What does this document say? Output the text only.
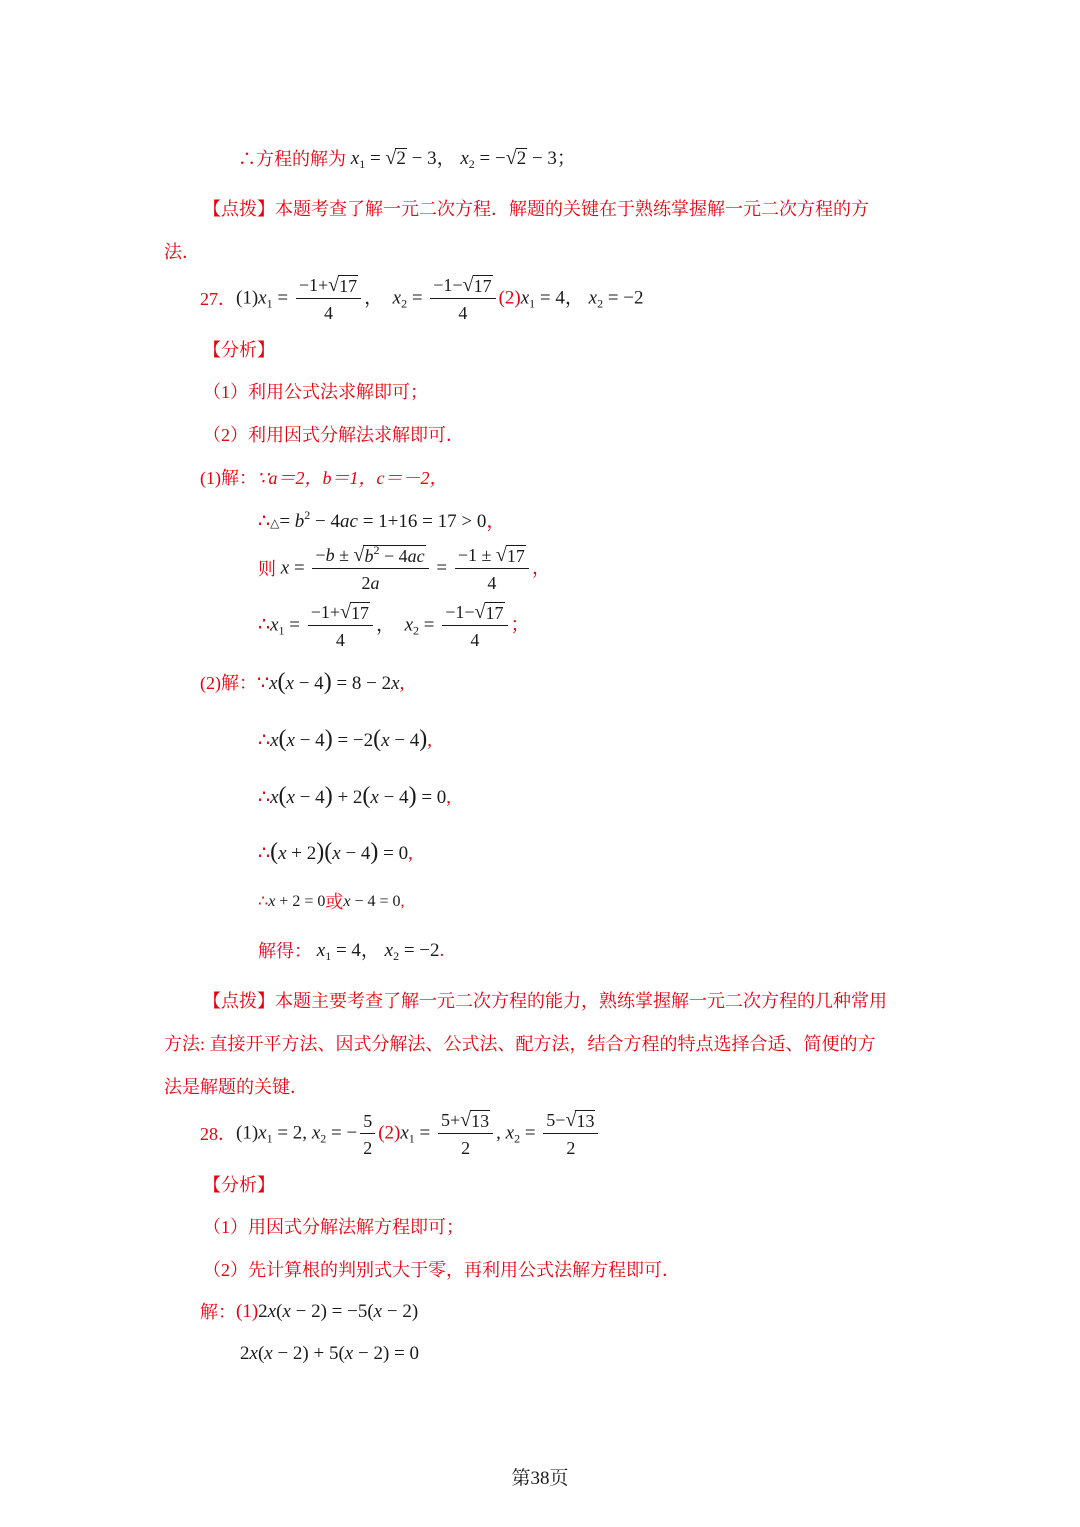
∴方程的解为 $x_1$ = √ 2 − 3， $x_2$ = − √ 2 − 3；
【点拨】 本题考查了解一元二次方程．解题的关键在于熟练掌握解一元二次方程的方
法．
27． $(1)x_1 = \frac{-1+ √ 17}{4}$ ，  $x_2 = \frac{-1- √ 17}{4} (2)x_1 = 4$， $x_2 = -2$
【分析】
（1）利用公式法求解即可；
（2）利用因式分解法求解即可．
(1)解： ∵a＝2，b＝1，c＝－2，
∴△= $b^2 - 4ac = 1+16 = 17 > 0$，
则 $x = \frac{-b \pm √ b^2 - 4ac}{2a} = \frac{-1 \pm √ 17}{4}$ ，
$\therefore x_1 = \frac{-1+ √ 17}{4}$ ，  $x_2 = \frac{-1- √ 17}{4}$ ；
(2)解： ∵x(x − 4) = 8 − 2x,
∴x(x − 4) = −2(x − 4),
∴x(x − 4) + 2(x − 4) = 0,
∴(x + 2)(x − 4) = 0,
∴x + 2 = 0 或 x − 4 = 0,
解得： $x_1 = 4$， $x_2 = -2$.
【点拨】 本题主要考查了解一元二次方程的能力，熟练掌握解一元二次方程的几种常用
方法: 直接开平方法、因式分解法、公式法、配方法，结合方程的特点选择合适、简便的方
法是解题的关键．
28． $(1)x_1 = 2$, $x_2$ = − $\frac{5}{2} (2)x_1 = \frac{5+ √ 13}{2}$ , $x_2 = \frac{5- √ 13}{2}$
【分析】
（1）用因式分解法解方程即可；
（2）先计算根的判别式大于零，再利用公式法解方程即可．
解： (1)2x(x − 2) = −5(x − 2)
2x(x − 2) + 5(x − 2) = 0
第38页
